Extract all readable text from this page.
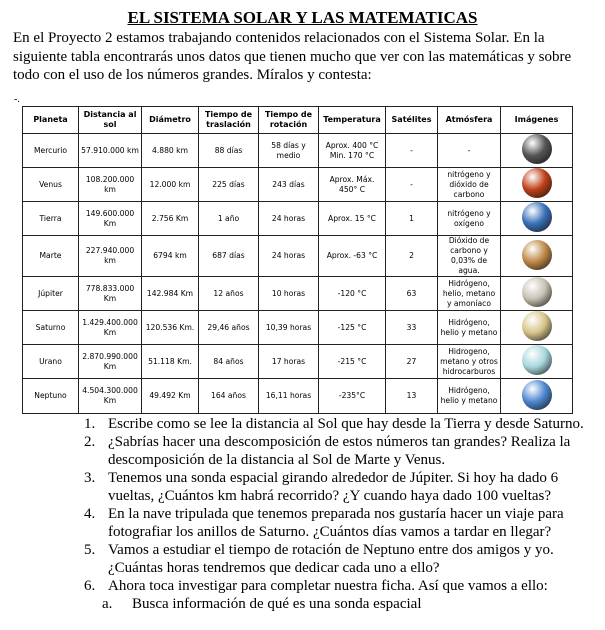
EL SISTEMA SOLAR Y LAS MATEMATICAS
En el Proyecto 2 estamos trabajando contenidos relacionados con el Sistema Solar. En la siguiente tabla encontrarás unos datos que tienen mucho que ver con las matemáticas y sobre todo con el uso de los números grandes. Míralos y contesta:
-.
Planeta	Distancia al sol	Diámetro	Tiempo de traslación	Tiempo de rotación	Temperatura	Satélites	Atmósfera	Imágenes
Mercurio	57.910.000 km	4.880 km	88 días	58 días y medio	Aprox. 400 °C Min. 170 °C	-	-	
Venus	108.200.000 km	12.000 km	225 días	243 días	Aprox. Máx. 450° C	-	nitrógeno y dióxido de carbono	
Tierra	149.600.000 Km	2.756 Km	1 año	24 horas	Aprox. 15 °C	1	nitrógeno y oxígeno	
Marte	227.940.000 km	6794 km	687 días	24 horas	Aprox. -63 °C	2	Dióxido de carbono y 0,03% de agua.	
Júpiter	778.833.000 Km	142.984 Km	12 años	10 horas	-120 °C	63	Hidrógeno, helio, metano y amoníaco	
Saturno	1.429.400.000 Km	120.536 Km.	29,46 años	10,39 horas	-125 °C	33	Hidrógeno, helio y metano	
Urano	2.870.990.000 Km	51.118 Km.	84 años	17 horas	-215 °C	27	Hidrogeno, metano y otros hidrocarburos	
Neptuno	4.504.300.000 Km	49.492 Km	164 años	16,11 horas	-235°C	13	Hidrógeno, helio y metano	
1. Escribe como se lee la distancia al Sol que hay desde la Tierra y desde Saturno.
2. ¿Sabrías hacer una descomposición de estos números tan grandes? Realiza la descomposición de la distancia al Sol de Marte y Venus.
3. Tenemos una sonda espacial girando alrededor de Júpiter. Si hoy ha dado 6 vueltas, ¿Cuántos km habrá recorrido? ¿Y cuando haya dado 100 vueltas?
4. En la nave tripulada que tenemos preparada nos gustaría hacer un viaje para fotografiar los anillos de Saturno. ¿Cuántos días vamos a tardar en llegar?
5. Vamos a estudiar el tiempo de rotación de Neptuno entre dos amigos y yo. ¿Cuántas horas tendremos que dedicar cada uno a ello?
6. Ahora toca investigar para completar nuestra ficha. Así que vamos a ello:
a. Busca información de qué es una sonda espacial
